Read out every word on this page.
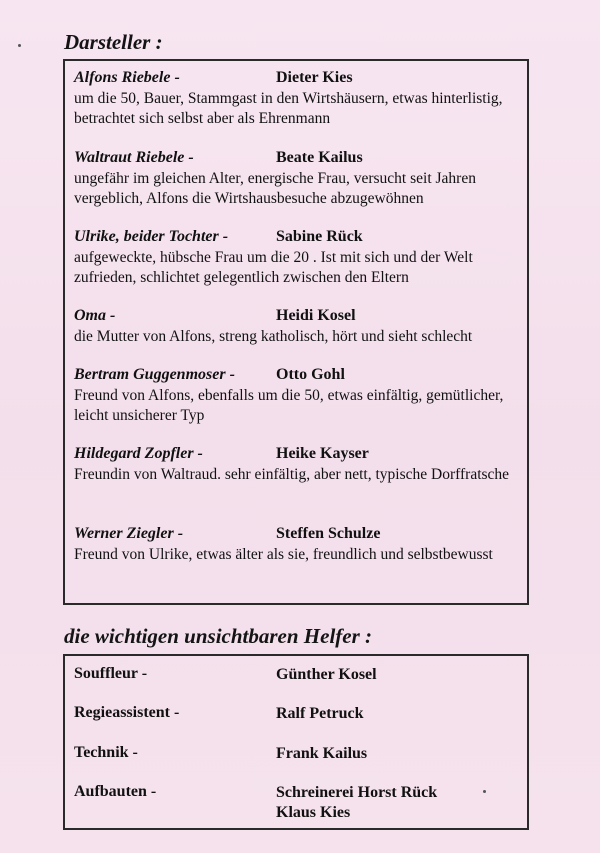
Darsteller :
Alfons Riebele -	Dieter Kies
um die 50, Bauer, Stammgast in den Wirtshäusern, etwas hinterlistig, betrachtet sich selbst aber als Ehrenmann
Waltraut Riebele -	Beate Kailus
ungefähr im gleichen Alter, energische Frau, versucht seit Jahren vergeblich, Alfons die Wirtshausbesuche abzugewöhnen
Ulrike, beider Tochter -	Sabine Rück
aufgeweckte, hübsche Frau um die 20 . Ist mit sich und der Welt zufrieden, schlichtet gelegentlich zwischen den Eltern
Oma -	Heidi Kosel
die Mutter von Alfons, streng katholisch, hört und sieht schlecht
Bertram Guggenmoser -	Otto Gohl
Freund von Alfons, ebenfalls um die 50, etwas einfältig, gemütlicher, leicht unsicherer Typ
Hildegard Zopfler -	Heike Kayser
Freundin von Waltraud. sehr einfältig, aber nett, typische Dorffratsche
Werner Ziegler -	Steffen Schulze
Freund von Ulrike, etwas älter als sie, freundlich und selbstbewusst
die wichtigen unsichtbaren Helfer :
Souffleur -	Günther Kosel
Regieassistent -	Ralf Petruck
Technik -	Frank Kailus
Aufbauten -	Schreinerei Horst Rück
Klaus Kies
